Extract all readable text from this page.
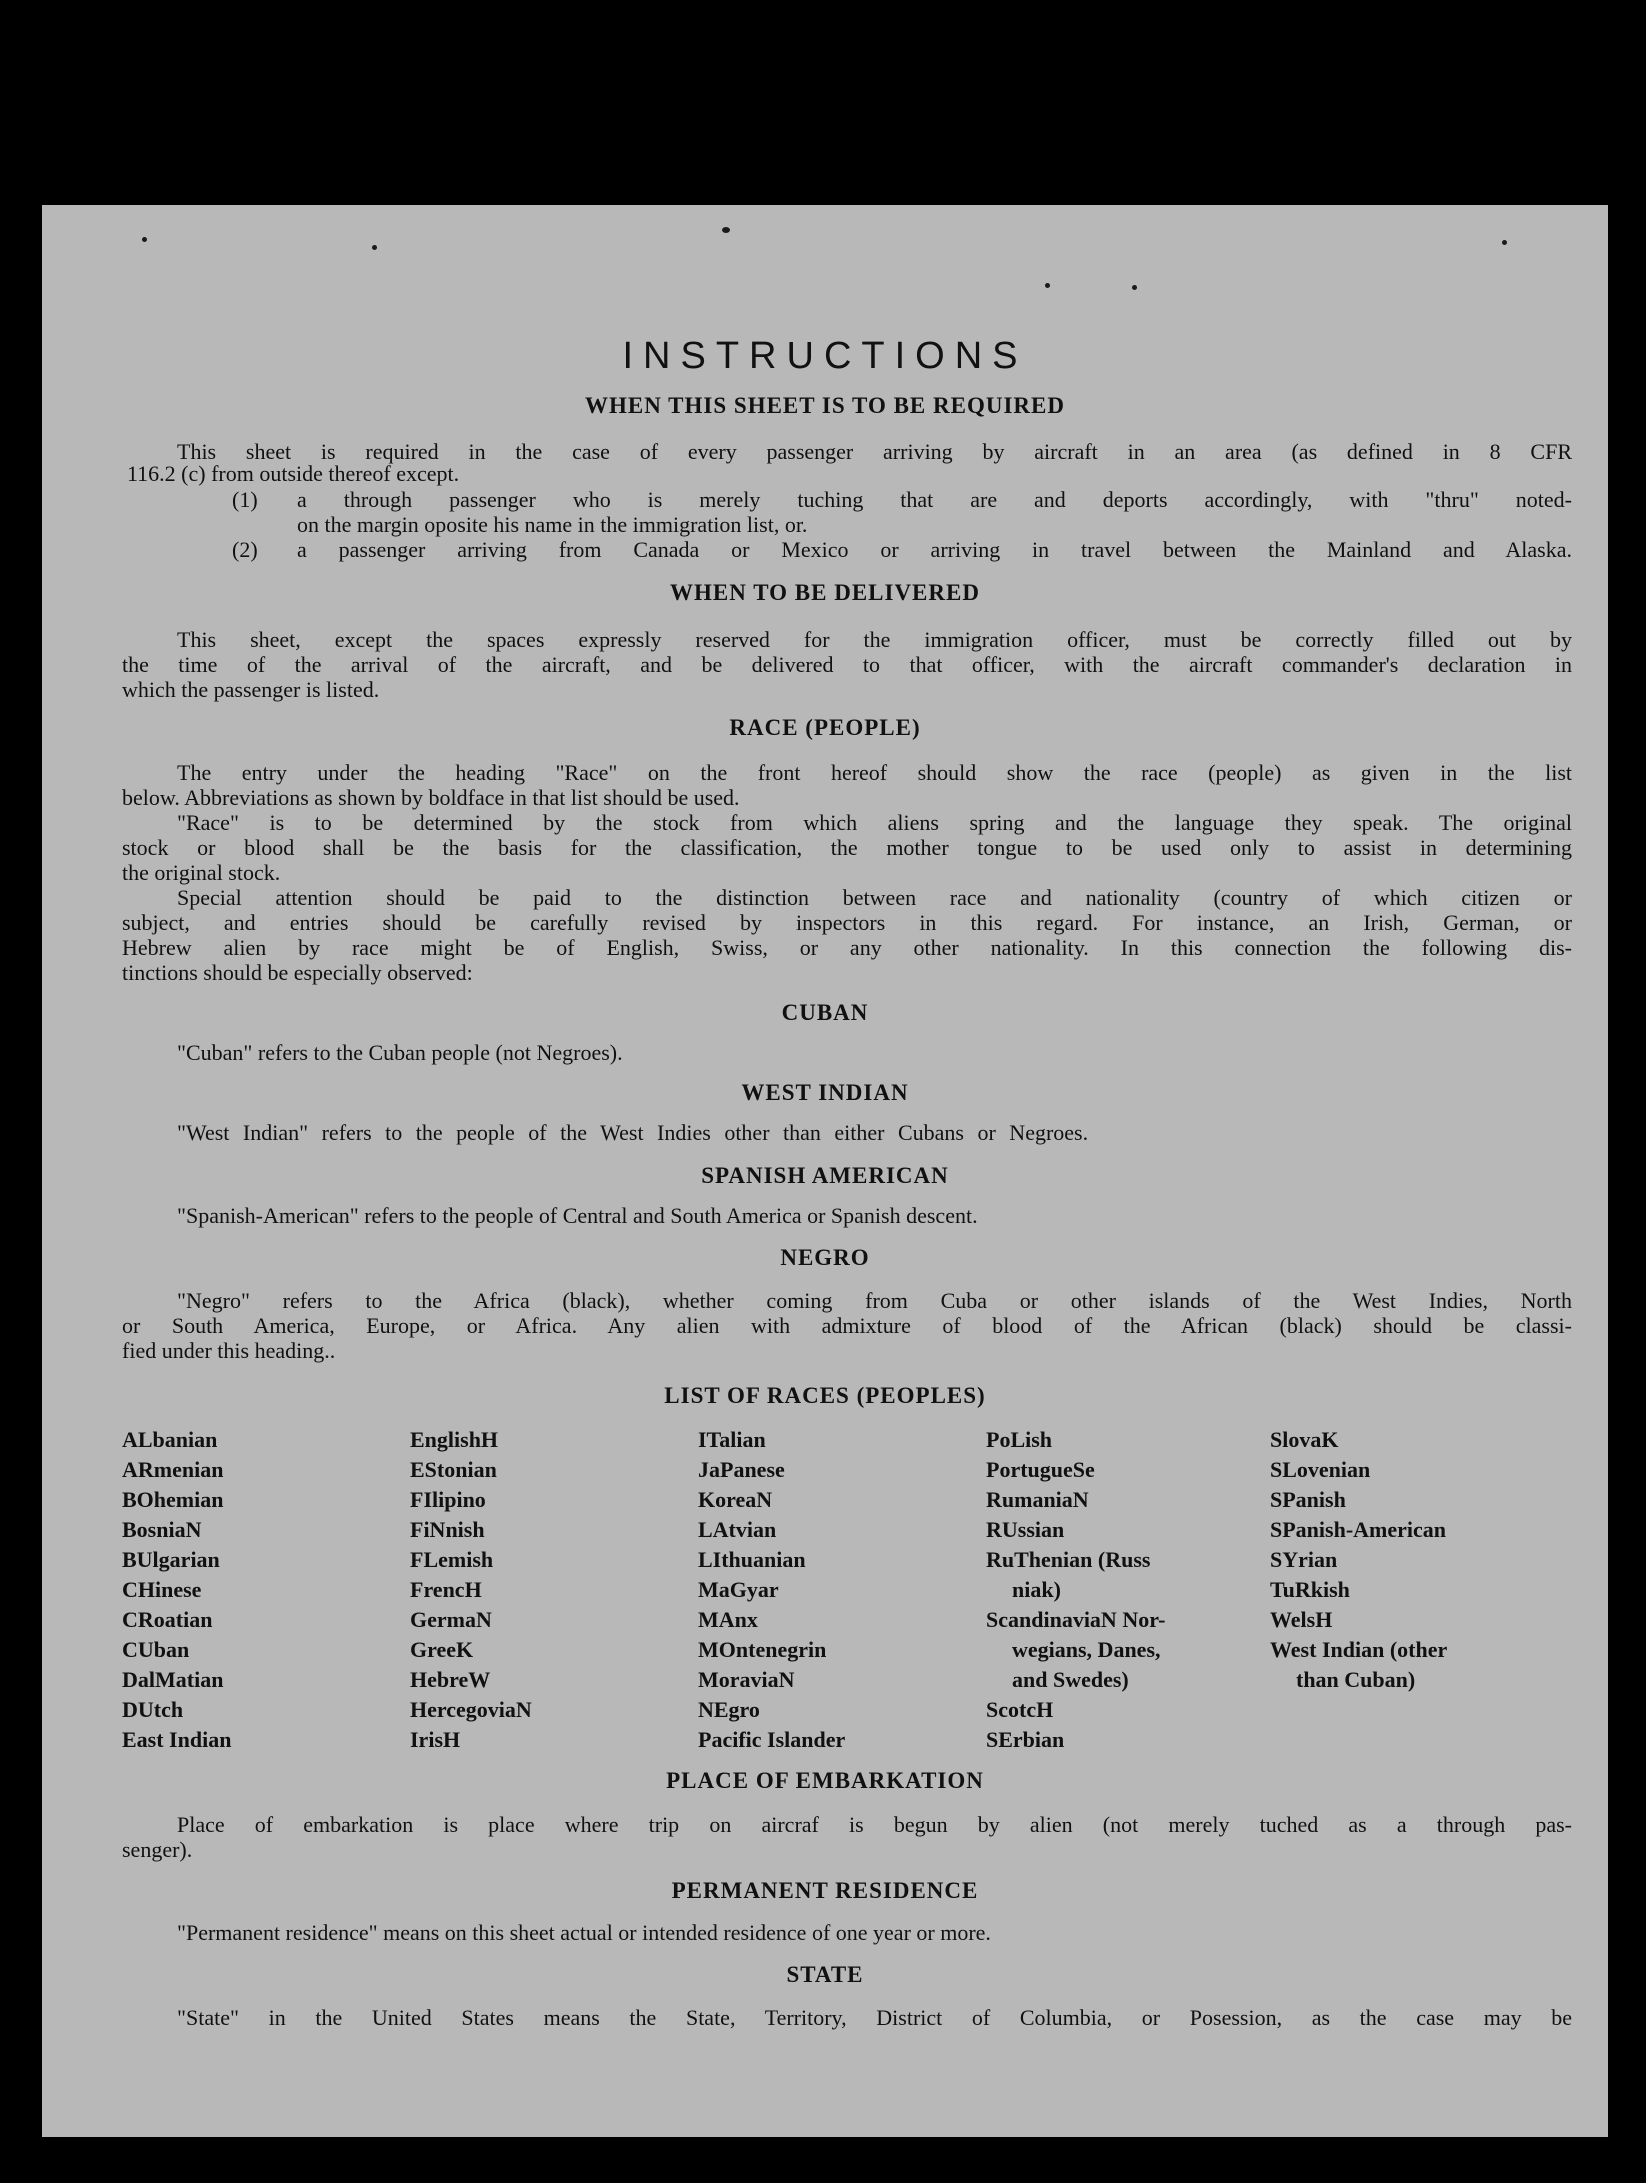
INSTRUCTIONS
WHEN THIS SHEET IS TO BE REQUIRED
This sheet is required in the case of every passenger arriving by aircraft in an area (as defined in 8 CFR
116.2 (c) from outside thereof except.
(1) a through passenger who is merely tuching that are and deports accordingly, with "thru" noted-
on the margin oposite his name in the immigration list, or.
(2) a passenger arriving from Canada or Mexico or arriving in travel between the Mainland and Alaska.
WHEN TO BE DELIVERED
This sheet, except the spaces expressly reserved for the immigration officer, must be correctly filled out by
the time of the arrival of the aircraft, and be delivered to that officer, with the aircraft commander's declaration in
which the passenger is listed.
RACE (PEOPLE)
The entry under the heading "Race" on the front hereof should show the race (people) as given in the list
below. Abbreviations as shown by boldface in that list should be used.
"Race" is to be determined by the stock from which aliens spring and the language they speak. The original
stock or blood shall be the basis for the classification, the mother tongue to be used only to assist in determining
the original stock.
Special attention should be paid to the distinction between race and nationality (country of which citizen or
subject, and entries should be carefully revised by inspectors in this regard. For instance, an Irish, German, or
Hebrew alien by race might be of English, Swiss, or any other nationality. In this connection the following dis-
tinctions should be especially observed:
CUBAN
"Cuban" refers to the Cuban people (not Negroes).
WEST INDIAN
"West Indian" refers to the people of the West Indies other than either Cubans or Negroes.
SPANISH AMERICAN
"Spanish-American" refers to the people of Central and South America or Spanish descent.
NEGRO
"Negro" refers to the Africa (black), whether coming from Cuba or other islands of the West Indies, North
or South America, Europe, or Africa. Any alien with admixture of blood of the African (black) should be classi-
fied under this heading..
LIST OF RACES (PEOPLES)
ALbanian
ARmenian
BOhemian
BosniaN
BUlgarian
CHinese
CRoatian
CUban
DalMatian
DUtch
East Indian
EnglishH
EStonian
FIlipino
FiNnish
FLemish
FrencH
GermaN
GreeK
HebreW
HercegoviaN
IrisH
ITalian
JaPanese
KoreaN
LAtvian
LIthuanian
MaGyar
MAnx
MOntenegrin
MoraviaN
NEgro
Pacific Islander
PoLish
PortugueSe
RumaniaN
RUssian
RuThenian (Russ
niak)
ScandinaviaN Nor-
wegians, Danes,
and Swedes)
ScotcH
SErbian
SlovaK
SLovenian
SPanish
SPanish-American
SYrian
TuRkish
WelsH
West Indian (other
than Cuban)
PLACE OF EMBARKATION
Place of embarkation is place where trip on aircraf is begun by alien (not merely tuched as a through pas-
senger).
PERMANENT RESIDENCE
"Permanent residence" means on this sheet actual or intended residence of one year or more.
STATE
"State" in the United States means the State, Territory, District of Columbia, or Posession, as the case may be
